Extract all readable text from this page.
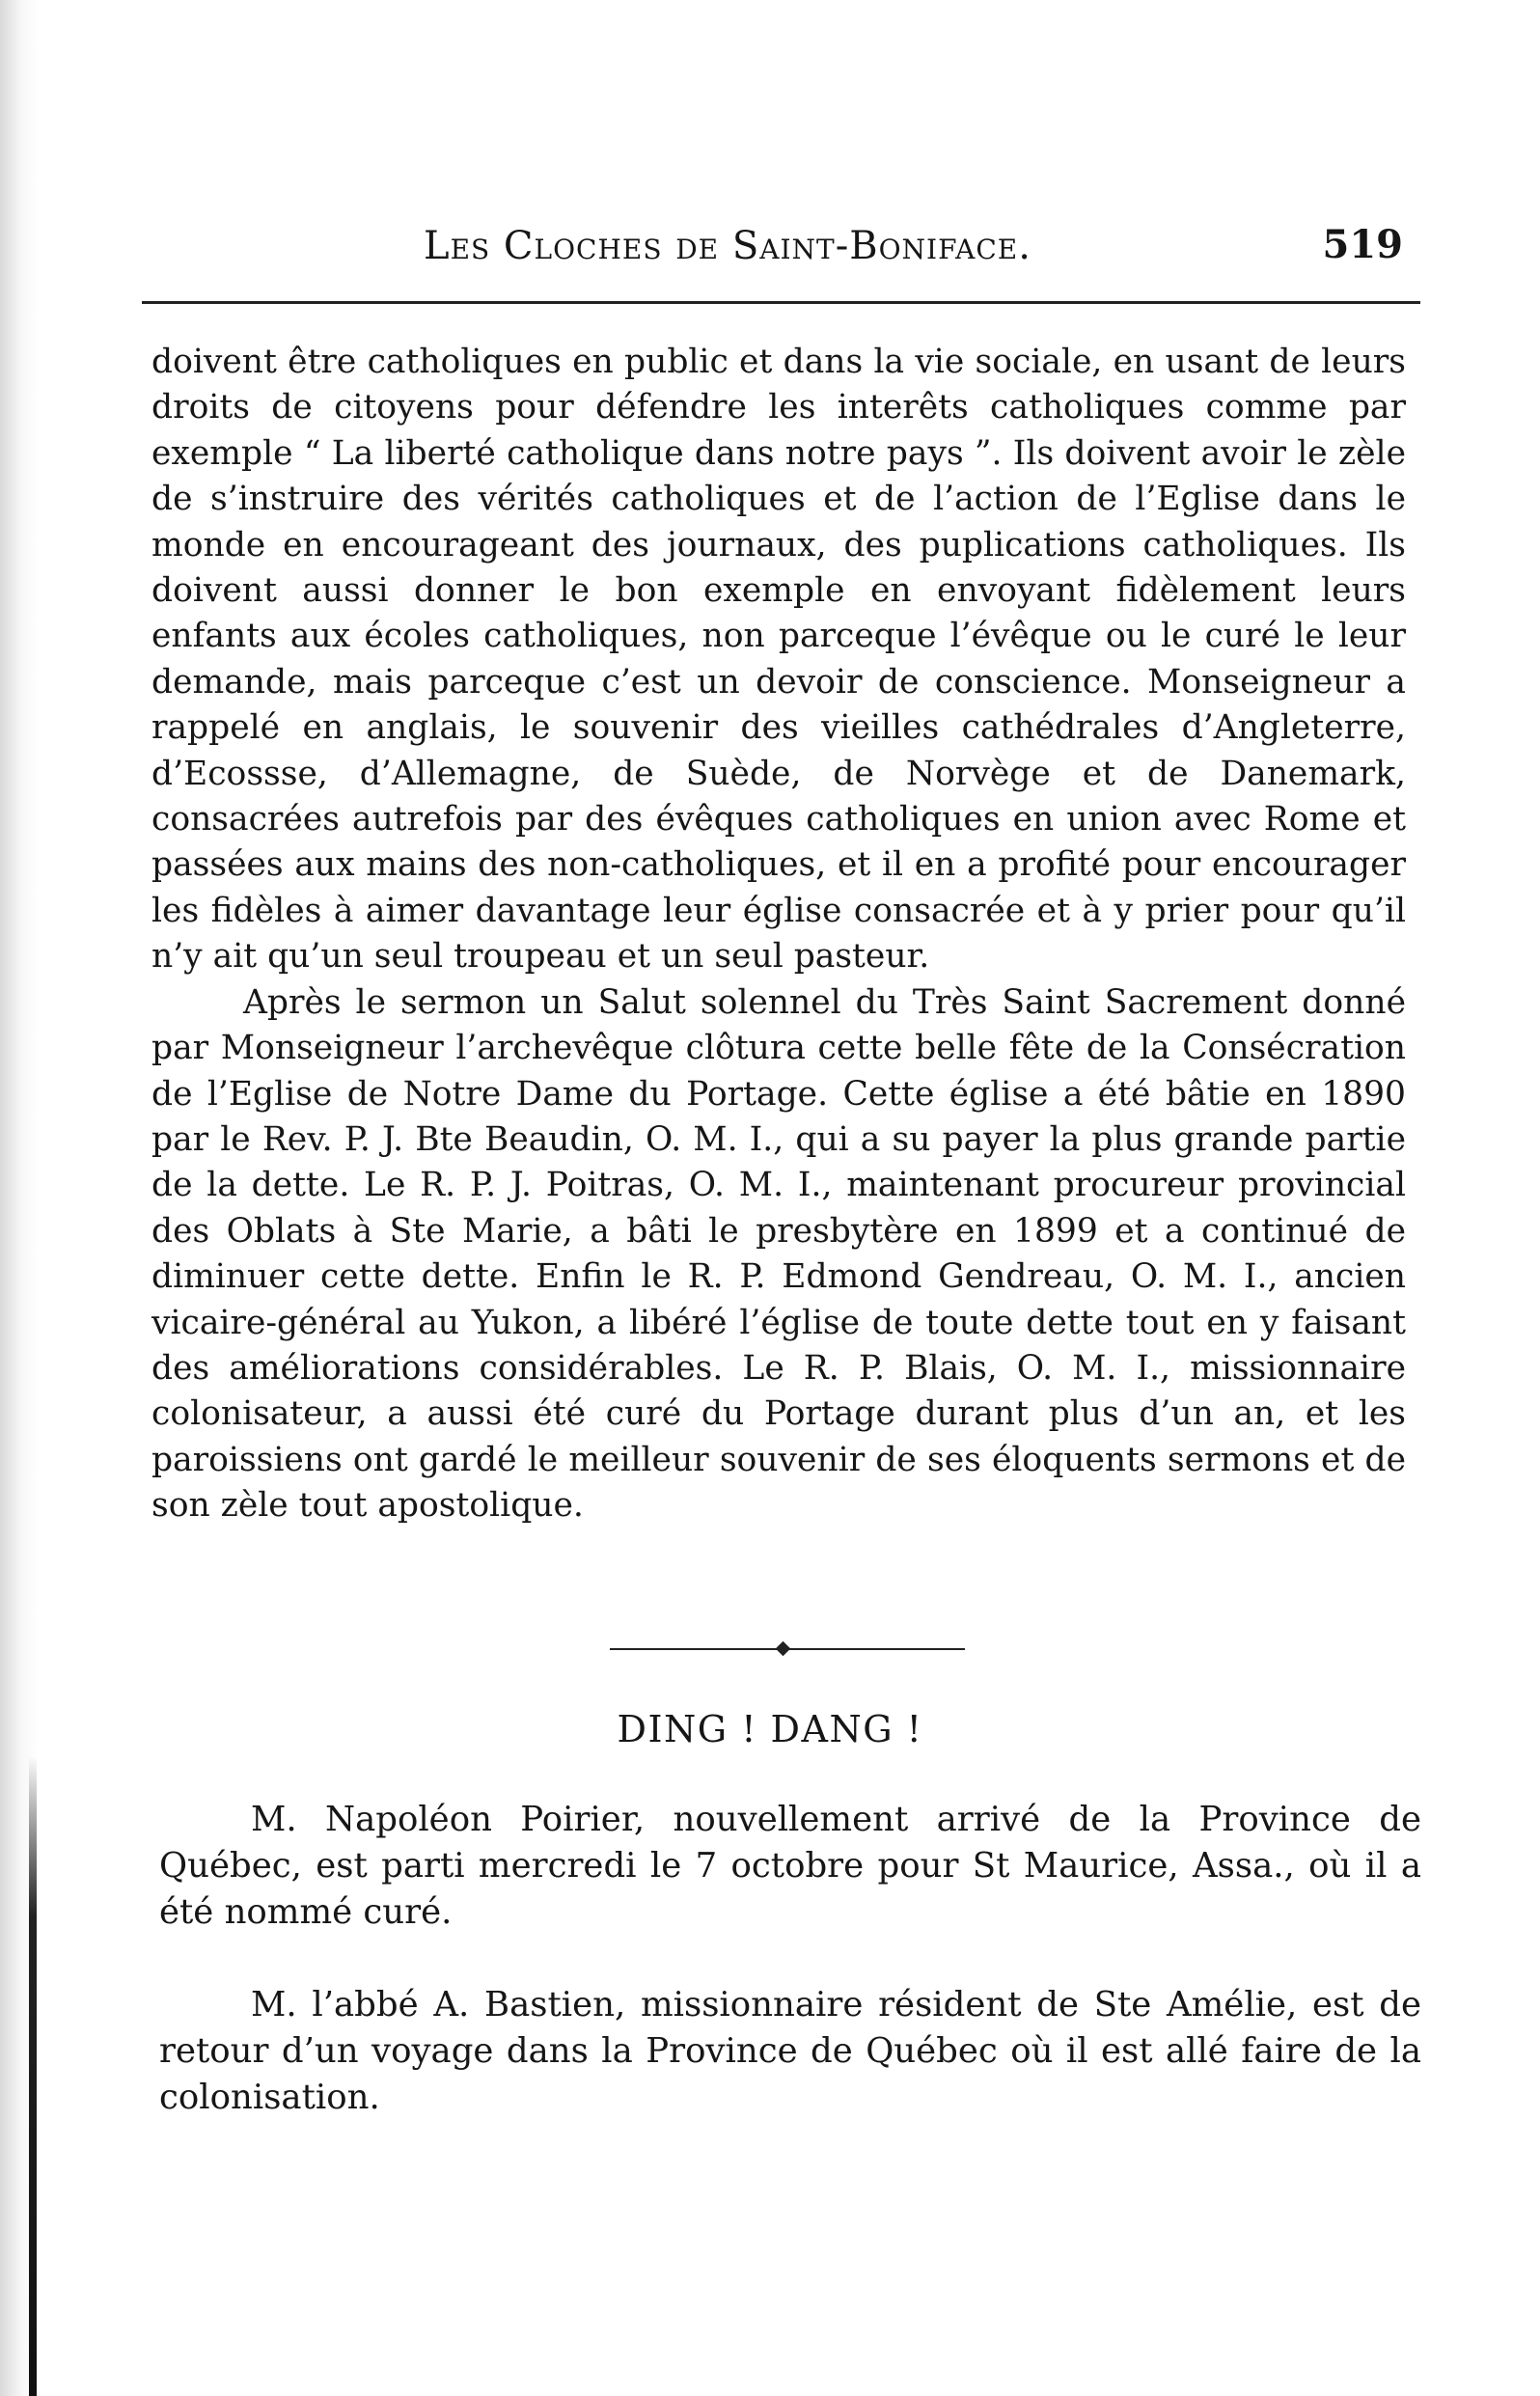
Les Cloches de Saint-Boniface.	519

doivent être catholiques en public et dans la vie sociale, en usant de leurs droits de citoyens pour défendre les interêts catholiques comme par exemple “ La liberté catholique dans notre pays ”. Ils doivent avoir le zèle de s’instruire des vérités catholiques et de l’action de l’Eglise dans le monde en encourageant des journaux, des puplications catholiques. Ils doivent aussi donner le bon exemple en envoyant fidèlement leurs enfants aux écoles catholiques, non parceque l’évêque ou le curé le leur demande, mais parceque c’est un devoir de conscience. Monseigneur a rappelé en anglais, le souvenir des vieilles cathédrales d’Angleterre, d’Ecossse, d’Allemagne, de Suède, de Norvège et de Danemark, consacrées autrefois par des évêques catholiques en union avec Rome et passées aux mains des non-catholiques, et il en a profité pour encourager les fidèles à aimer davantage leur église consacrée et à y prier pour qu’il n’y ait qu’un seul troupeau et un seul pasteur.

Après le sermon un Salut solennel du Très Saint Sacrement donné par Monseigneur l’archevêque clôtura cette belle fête de la Consécration de l’Eglise de Notre Dame du Portage. Cette église a été bâtie en 1890 par le Rev. P. J. Bte Beaudin, O. M. I., qui a su payer la plus grande partie de la dette. Le R. P. J. Poitras, O. M. I., maintenant procureur provincial des Oblats à Ste Marie, a bâti le presbytère en 1899 et a continué de diminuer cette dette. Enfin le R. P. Edmond Gendreau, O. M. I., ancien vicaire-général au Yukon, a libéré l’église de toute dette tout en y faisant des améliorations considérables. Le R. P. Blais, O. M. I., missionnaire colonisateur, a aussi été curé du Portage durant plus d’un an, et les paroissiens ont gardé le meilleur souvenir de ses éloquents sermons et de son zèle tout apostolique.

DING ! DANG !

M. Napoléon Poirier, nouvellement arrivé de la Province de Québec, est parti mercredi le 7 octobre pour St Maurice, Assa., où il a été nommé curé.

M. l’abbé A. Bastien, missionnaire résident de Ste Amélie, est de retour d’un voyage dans la Province de Québec où il est allé faire de la colonisation.
